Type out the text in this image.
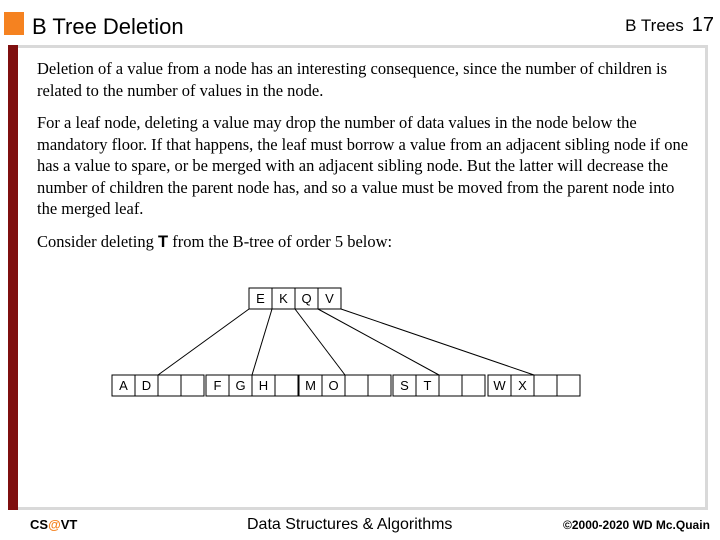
B Tree Deletion	B Trees 17

Deletion of a value from a node has an interesting consequence, since the number of children is related to the number of values in the node.

For a leaf node, deleting a value may drop the number of data values in the node below the mandatory floor. If that happens, the leaf must borrow a value from an adjacent sibling node if one has a value to spare, or be merged with an adjacent sibling node. But the latter will decrease the number of children the parent node has, and so a value must be moved from the parent node into the merged leaf.

Consider deleting T from the B-tree of order 5 below:

E K Q V
A D	F G H	M O	S T	W X
CS@VT	Data Structures & Algorithms	©2000-2020 WD Mc.Quain
